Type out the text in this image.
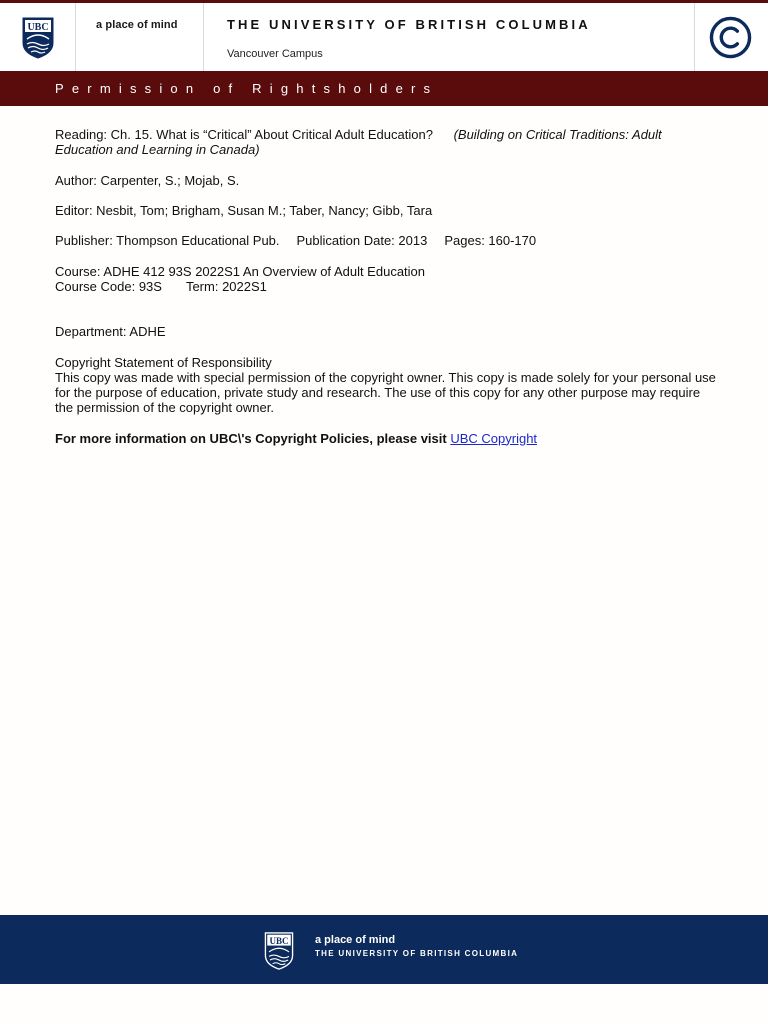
UBC	a place of mind	THE UNIVERSITY OF BRITISH COLUMBIA
Vancouver Campus
Permission of Rightsholders

Reading: Ch. 15. What is “Critical” About Critical Adult Education? (Building on Critical Traditions: Adult Education and Learning in Canada)

Author: Carpenter, S.; Mojab, S.

Editor: Nesbit, Tom; Brigham, Susan M.; Taber, Nancy; Gibb, Tara

Publisher: Thompson Educational Pub. Publication Date: 2013 Pages: 160-170

Course: ADHE 412 93S 2022S1 An Overview of Adult Education

Course Code: 93S Term: 2022S1

Department: ADHE

Copyright Statement of Responsibility

This copy was made with special permission of the copyright owner. This copy is made solely for your personal use for the purpose of education, private study and research. The use of this copy for any other purpose may require the permission of the copyright owner.

For more information on UBC\'s Copyright Policies, please visit UBC Copyright

UBC a place of mind
THE UNIVERSITY OF BRITISH COLUMBIA
